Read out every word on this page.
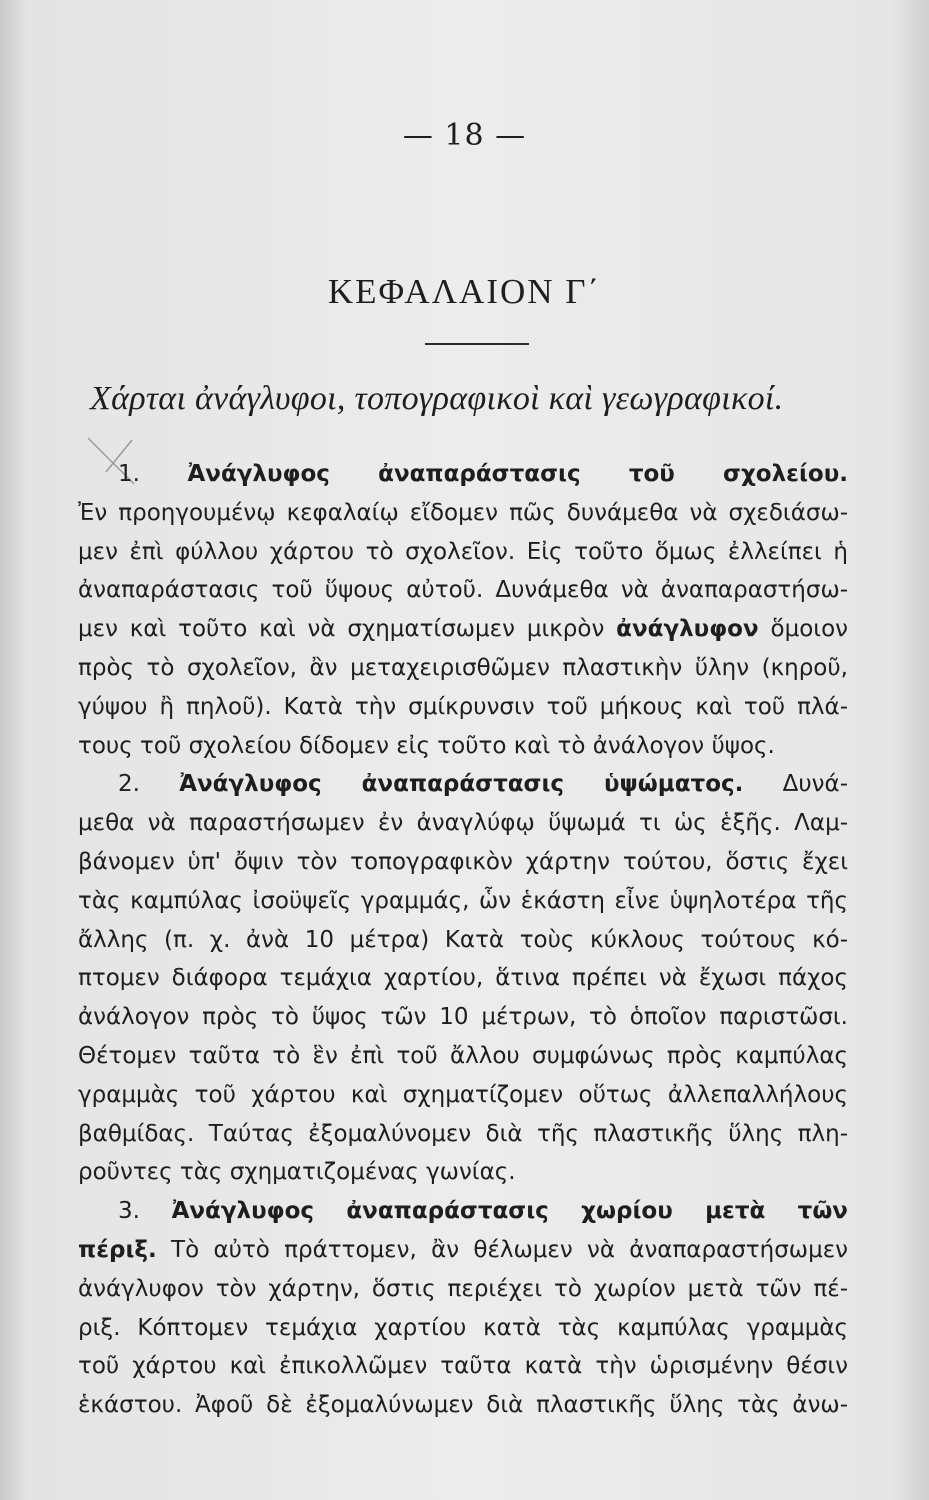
— 18 —
ΚΕΦΑΛΑΙΟΝ Γ΄
Χάρται ἀνάγλυφοι, τοπογραφικοὶ καὶ γεωγραφικοί.
1. Ἀνάγλυφος ἀναπαράστασις τοῦ σχολείου.
Ἐν προηγουμένῳ κεφαλαίῳ εἴδομεν πῶς δυνάμεθα νὰ σχεδιάσω-
μεν ἐπὶ φύλλου χάρτου τὸ σχολεῖον. Εἰς τοῦτο ὅμως ἐλλείπει ἡ
ἀναπαράστασις τοῦ ὕψους αὐτοῦ. Δυνάμεθα νὰ ἀναπαραστήσω-
μεν καὶ τοῦτο καὶ νὰ σχηματίσωμεν μικρὸν ἀνάγλυφον ὅμοιον
πρὸς τὸ σχολεῖον, ἂν μεταχειρισθῶμεν πλαστικὴν ὕλην (κηροῦ,
γύψου ἢ πηλοῦ). Κατὰ τὴν σμίκρυνσιν τοῦ μήκους καὶ τοῦ πλά-
τους τοῦ σχολείου δίδομεν εἰς τοῦτο καὶ τὸ ἀνάλογον ὕψος.
2. Ἀνάγλυφος ἀναπαράστασις ὑψώματος. Δυνά-
μεθα νὰ παραστήσωμεν ἐν ἀναγλύφῳ ὕψωμά τι ὡς ἑξῆς. Λαμ-
βάνομεν ὑπ' ὄψιν τὸν τοπογραφικὸν χάρτην τούτου, ὅστις ἔχει
τὰς καμπύλας ἰσοϋψεῖς γραμμάς, ὧν ἑκάστη εἶνε ὑψηλοτέρα τῆς
ἄλλης (π. χ. ἀνὰ 10 μέτρα) Κατὰ τοὺς κύκλους τούτους κό-
πτομεν διάφορα τεμάχια χαρτίου, ἅτινα πρέπει νὰ ἔχωσι πάχος
ἀνάλογον πρὸς τὸ ὕψος τῶν 10 μέτρων, τὸ ὁποῖον παριστῶσι.
Θέτομεν ταῦτα τὸ ἓν ἐπὶ τοῦ ἄλλου συμφώνως πρὸς καμπύλας
γραμμὰς τοῦ χάρτου καὶ σχηματίζομεν οὕτως ἀλλεπαλλήλους
βαθμίδας. Ταύτας ἐξομαλύνομεν διὰ τῆς πλαστικῆς ὕλης πλη-
ροῦντες τὰς σχηματιζομένας γωνίας.
3. Ἀνάγλυφος ἀναπαράστασις χωρίου μετὰ τῶν
πέριξ. Τὸ αὐτὸ πράττομεν, ἂν θέλωμεν νὰ ἀναπαραστήσωμεν
ἀνάγλυφον τὸν χάρτην, ὅστις περιέχει τὸ χωρίον μετὰ τῶν πέ-
ριξ. Κόπτομεν τεμάχια χαρτίου κατὰ τὰς καμπύλας γραμμὰς
τοῦ χάρτου καὶ ἐπικολλῶμεν ταῦτα κατὰ τὴν ὡρισμένην θέσιν
ἑκάστου. Ἀφοῦ δὲ ἐξομαλύνωμεν διὰ πλαστικῆς ὕλης τὰς ἀνω-
